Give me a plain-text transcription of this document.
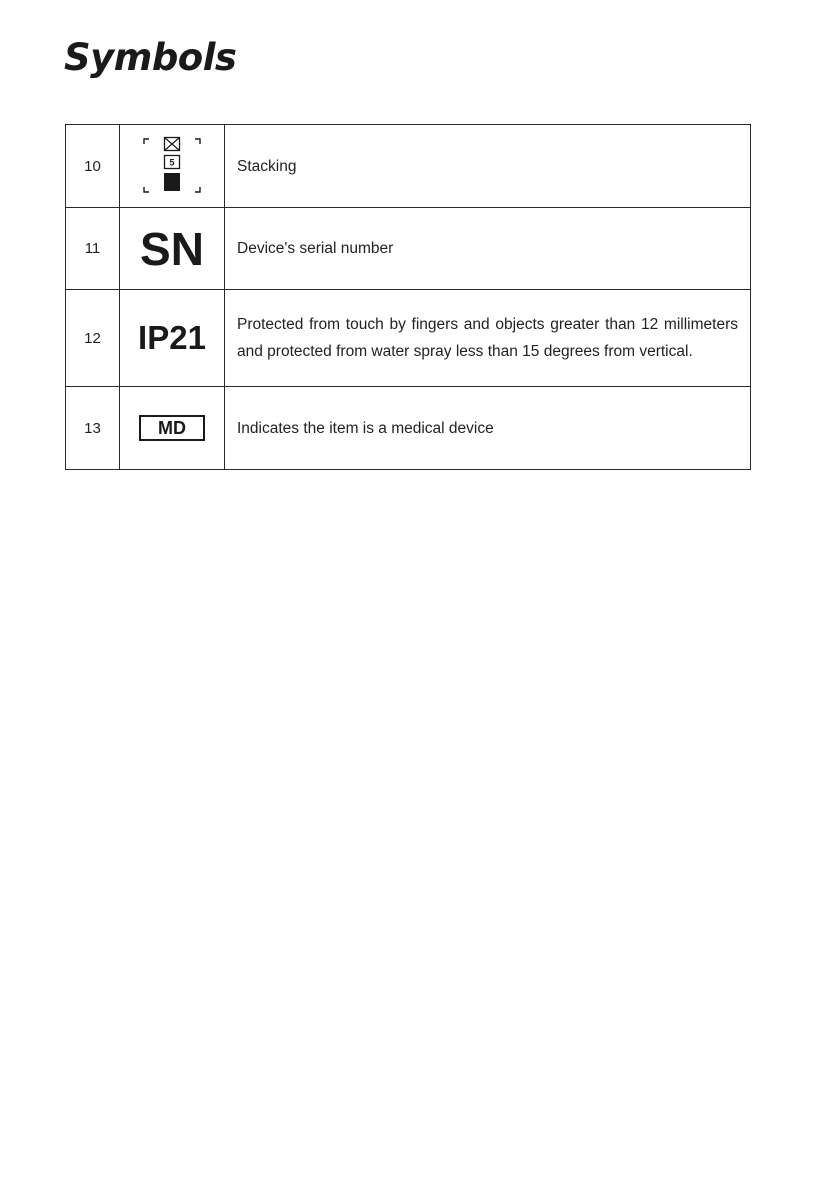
Symbols
10	5	Stacking
11	SN	Device's serial number
12	IP21	Protected from touch by fingers and objects greater than 12 millimeters and protected from water spray less than 15 degrees from vertical.
13	MD	Indicates the item is a medical device
